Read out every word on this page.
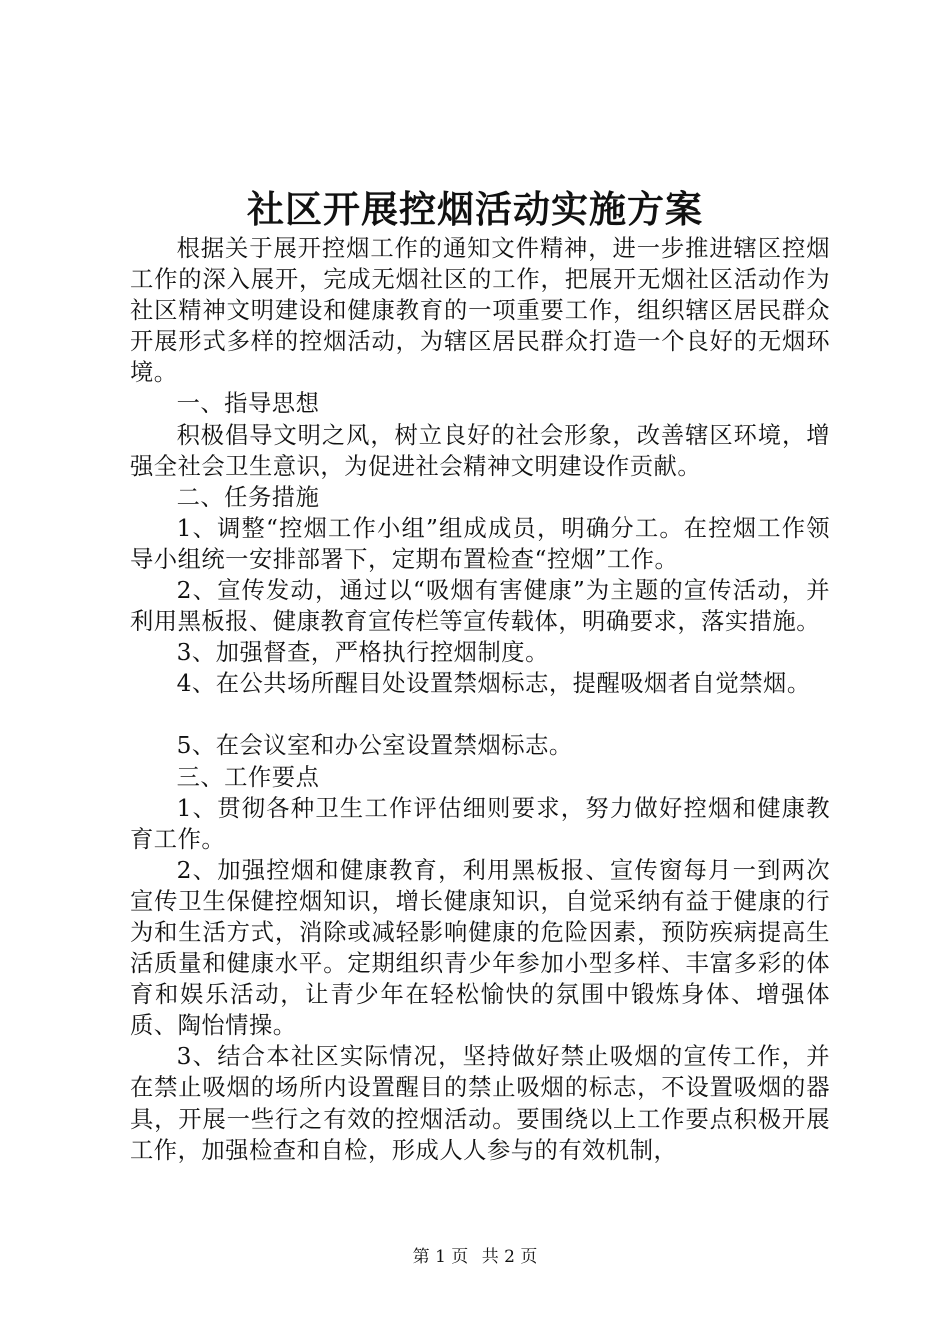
社区开展控烟活动实施方案

根据关于展开控烟工作的通知文件精神，进一步推进辖区控烟工作的深入展开，完成无烟社区的工作，把展开无烟社区活动作为社区精神文明建设和健康教育的一项重要工作，组织辖区居民群众开展形式多样的控烟活动，为辖区居民群众打造一个良好的无烟环境。

一、指导思想

积极倡导文明之风，树立良好的社会形象，改善辖区环境，增强全社会卫生意识，为促进社会精神文明建设作贡献。

二、任务措施

1、调整“控烟工作小组”组成成员，明确分工。在控烟工作领导小组统一安排部署下，定期布置检查“控烟”工作。

2、宣传发动，通过以“吸烟有害健康”为主题的宣传活动，并利用黑板报、健康教育宣传栏等宣传载体，明确要求，落实措施。

3、加强督查，严格执行控烟制度。

4、在公共场所醒目处设置禁烟标志，提醒吸烟者自觉禁烟。

5、在会议室和办公室设置禁烟标志。

三、工作要点

1、贯彻各种卫生工作评估细则要求，努力做好控烟和健康教育工作。

2、加强控烟和健康教育，利用黑板报、宣传窗每月一到两次宣传卫生保健控烟知识，增长健康知识，自觉采纳有益于健康的行为和生活方式，消除或减轻影响健康的危险因素，预防疾病提高生活质量和健康水平。定期组织青少年参加小型多样、丰富多彩的体育和娱乐活动，让青少年在轻松愉快的氛围中锻炼身体、增强体质、陶怡情操。

3、结合本社区实际情况，坚持做好禁止吸烟的宣传工作，并在禁止吸烟的场所内设置醒目的禁止吸烟的标志，不设置吸烟的器具，开展一些行之有效的控烟活动。要围绕以上工作要点积极开展工作，加强检查和自检，形成人人参与的有效机制，

第 1 页 共 2 页
